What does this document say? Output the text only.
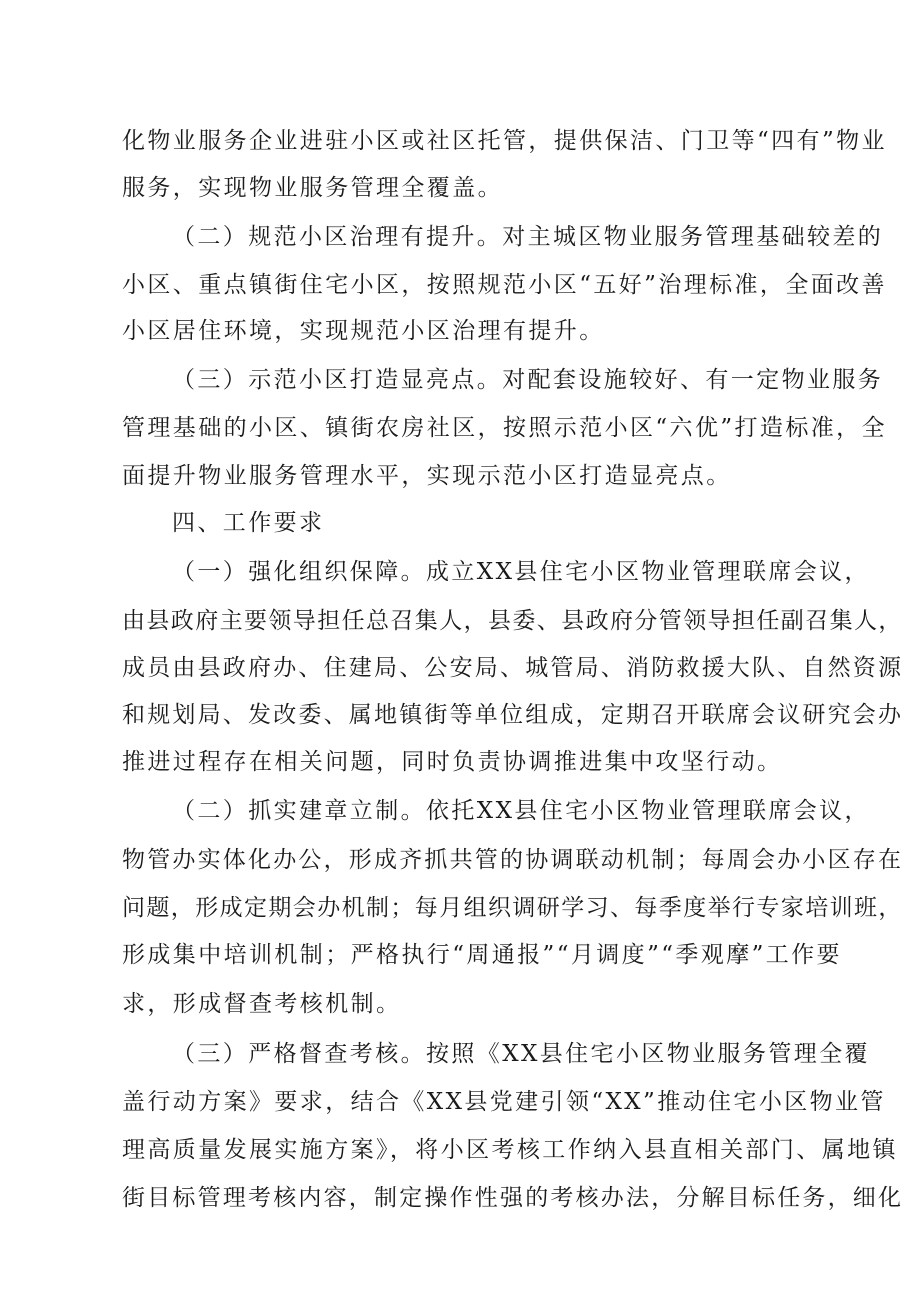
化物业服务企业进驻小区或社区托管，提供保洁、门卫等“四有”物业
服务，实现物业服务管理全覆盖。
（二）规范小区治理有提升。对主城区物业服务管理基础较差的
小区、重点镇街住宅小区，按照规范小区“五好”治理标准，全面改善
小区居住环境，实现规范小区治理有提升。
（三）示范小区打造显亮点。对配套设施较好、有一定物业服务
管理基础的小区、镇街农房社区，按照示范小区“六优”打造标准，全
面提升物业服务管理水平，实现示范小区打造显亮点。
四、工作要求
（一）强化组织保障。成立XX县住宅小区物业管理联席会议，
由县政府主要领导担任总召集人，县委、县政府分管领导担任副召集人，
成员由县政府办、住建局、公安局、城管局、消防救援大队、自然资源
和规划局、发改委、属地镇街等单位组成，定期召开联席会议研究会办
推进过程存在相关问题，同时负责协调推进集中攻坚行动。
（二）抓实建章立制。依托XX县住宅小区物业管理联席会议，
物管办实体化办公，形成齐抓共管的协调联动机制；每周会办小区存在
问题，形成定期会办机制；每月组织调研学习、每季度举行专家培训班，
形成集中培训机制；严格执行“周通报”“月调度”“季观摩”工作要
求，形成督查考核机制。
（三）严格督查考核。按照《XX县住宅小区物业服务管理全覆
盖行动方案》要求，结合《XX县党建引领“XX”推动住宅小区物业管
理高质量发展实施方案》，将小区考核工作纳入县直相关部门、属地镇
街目标管理考核内容，制定操作性强的考核办法，分解目标任务，细化
